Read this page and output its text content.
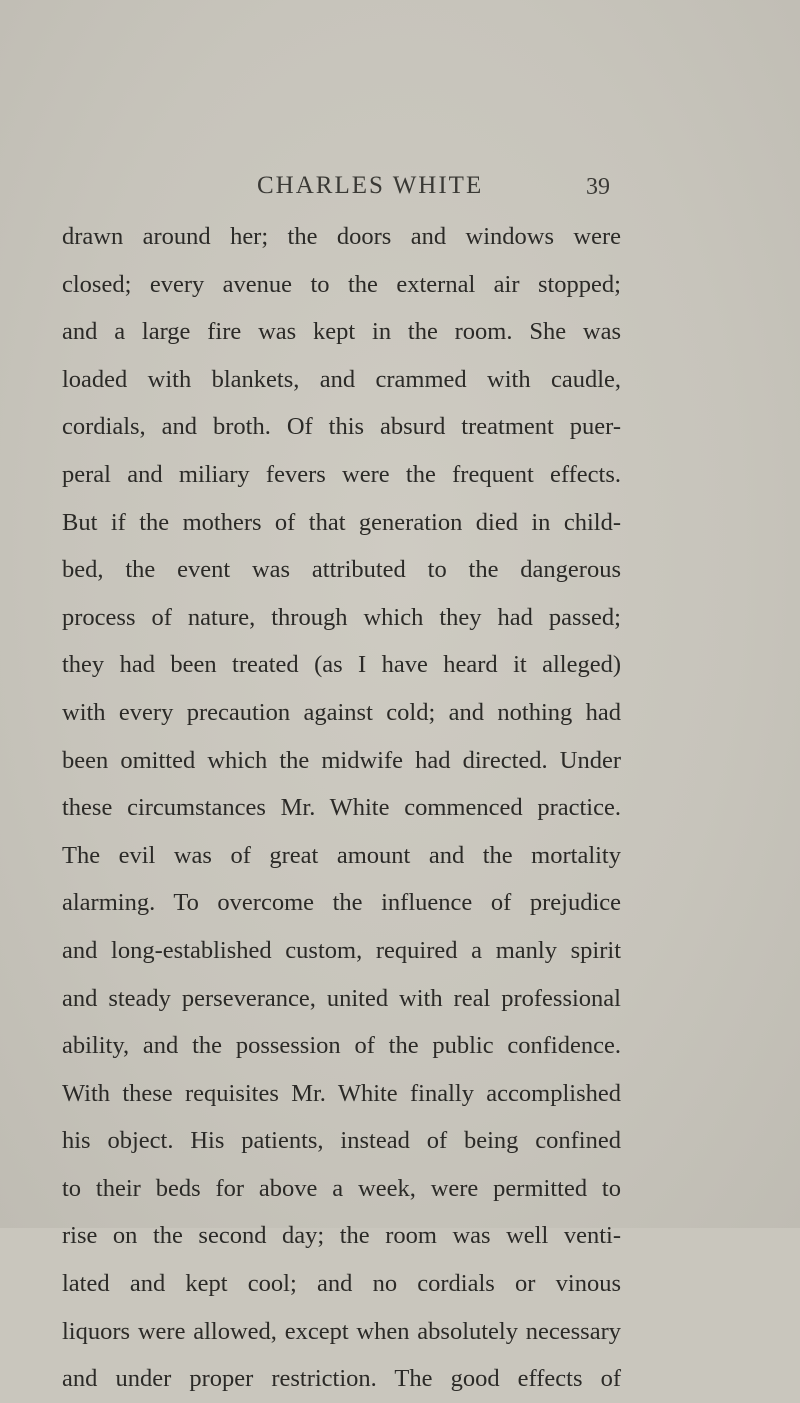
CHARLES WHITE	39
drawn around her; the doors and windows were
closed; every avenue to the external air stopped;
and a large fire was kept in the room. She was
loaded with blankets, and crammed with caudle,
cordials, and broth. Of this absurd treatment puer-
peral and miliary fevers were the frequent effects.
But if the mothers of that generation died in child-
bed, the event was attributed to the dangerous
process of nature, through which they had passed;
they had been treated (as I have heard it alleged)
with every precaution against cold; and nothing had
been omitted which the midwife had directed. Under
these circumstances Mr. White commenced practice.
The evil was of great amount and the mortality
alarming. To overcome the influence of prejudice
and long-established custom, required a manly spirit
and steady perseverance, united with real professional
ability, and the possession of the public confidence.
With these requisites Mr. White finally accomplished
his object. His patients, instead of being confined
to their beds for above a week, were permitted to
rise on the second day; the room was well venti-
lated and kept cool; and no cordials or vinous
liquors were allowed, except when absolutely necessary
and under proper restriction. The good effects of
